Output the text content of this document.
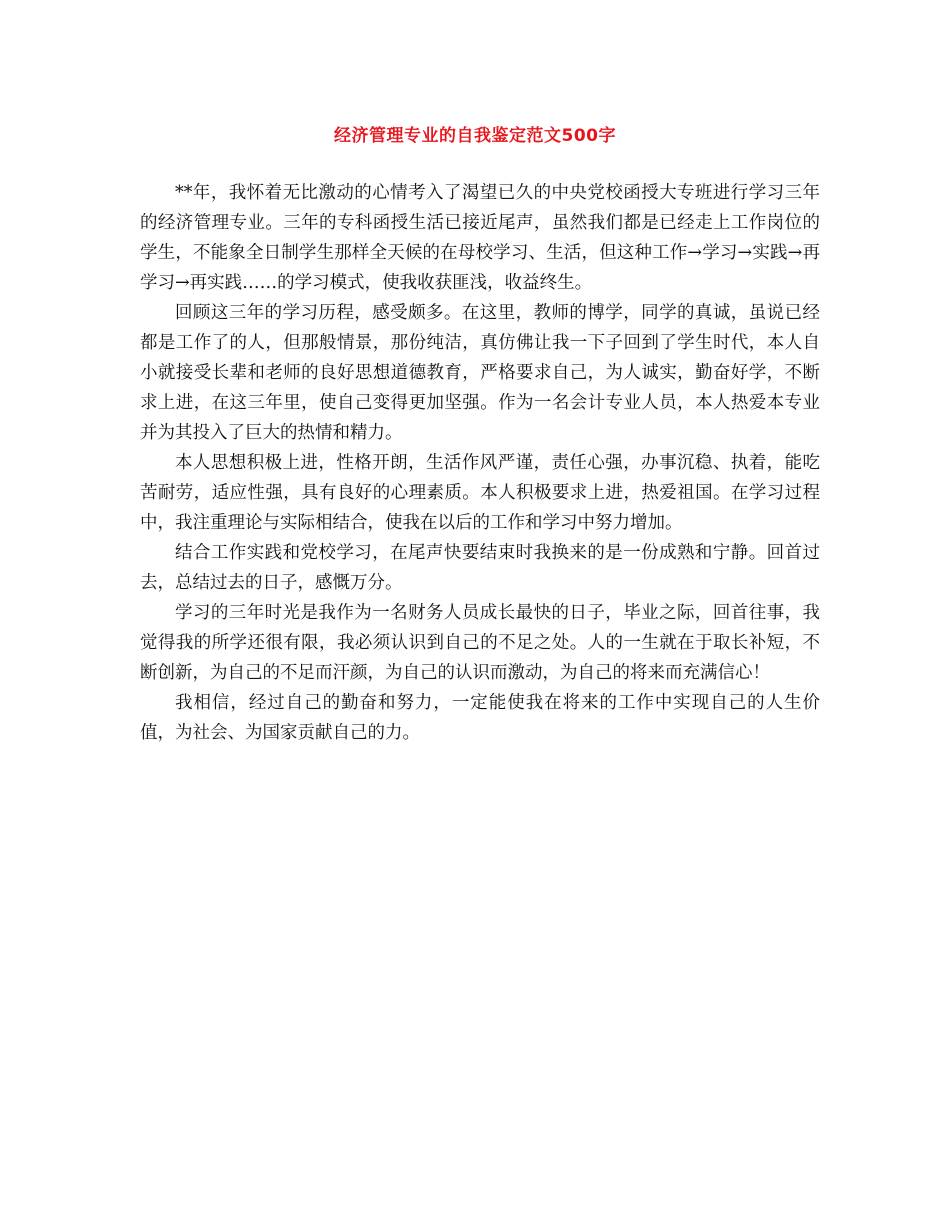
经济管理专业的自我鉴定范文500字

**年，我怀着无比激动的心情考入了渴望已久的中央党校函授大专班进行学习三年的经济管理专业。三年的专科函授生活已接近尾声，虽然我们都是已经走上工作岗位的学生，不能象全日制学生那样全天候的在母校学习、生活，但这种工作→学习→实践→再学习→再实践……的学习模式，使我收获匪浅，收益终生。

回顾这三年的学习历程，感受颇多。在这里，教师的博学，同学的真诚，虽说已经都是工作了的人，但那般情景，那份纯洁，真仿佛让我一下子回到了学生时代，本人自小就接受长辈和老师的良好思想道德教育，严格要求自己，为人诚实，勤奋好学，不断求上进，在这三年里，使自己变得更加坚强。作为一名会计专业人员，本人热爱本专业并为其投入了巨大的热情和精力。

本人思想积极上进，性格开朗，生活作风严谨，责任心强，办事沉稳、执着，能吃苦耐劳，适应性强，具有良好的心理素质。本人积极要求上进，热爱祖国。在学习过程中，我注重理论与实际相结合，使我在以后的工作和学习中努力增加。

结合工作实践和党校学习，在尾声快要结束时我换来的是一份成熟和宁静。回首过去，总结过去的日子，感慨万分。

学习的三年时光是我作为一名财务人员成长最快的日子，毕业之际，回首往事，我觉得我的所学还很有限，我必须认识到自己的不足之处。人的一生就在于取长补短，不断创新，为自己的不足而汗颜，为自己的认识而激动，为自己的将来而充满信心！

我相信，经过自己的勤奋和努力，一定能使我在将来的工作中实现自己的人生价值，为社会、为国家贡献自己的力。
